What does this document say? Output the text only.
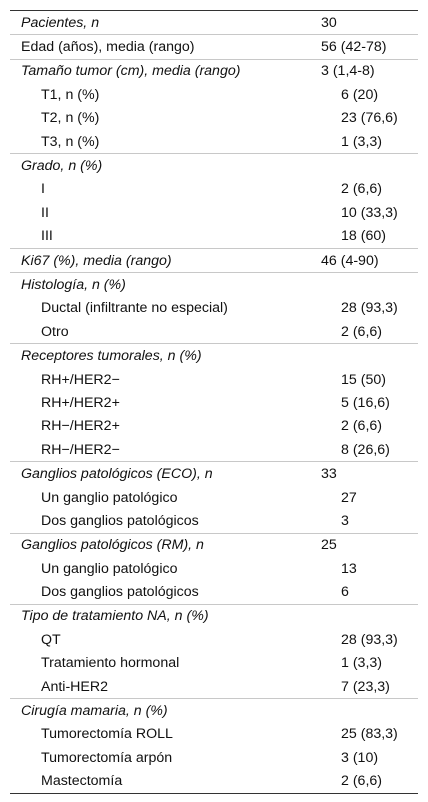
Pacientes, n	30
Edad (años), media (rango)	56 (42-78)
Tamaño tumor (cm), media (rango)	3 (1,4-8)
T1, n (%)	6 (20)
T2, n (%)	23 (76,6)
T3, n (%)	1 (3,3)
Grado, n (%)
I	2 (6,6)
II	10 (33,3)
III	18 (60)
Ki67 (%), media (rango)	46 (4-90)
Histología, n (%)
Ductal (infiltrante no especial)	28 (93,3)
Otro	2 (6,6)
Receptores tumorales, n (%)
RH+/HER2−	15 (50)
RH+/HER2+	5 (16,6)
RH−/HER2+	2 (6,6)
RH−/HER2−	8 (26,6)
Ganglios patológicos (ECO), n	33
Un ganglio patológico	27
Dos ganglios patológicos	3
Ganglios patológicos (RM), n	25
Un ganglio patológico	13
Dos ganglios patológicos	6
Tipo de tratamiento NA, n (%)
QT	28 (93,3)
Tratamiento hormonal	1 (3,3)
Anti-HER2	7 (23,3)
Cirugía mamaria, n (%)
Tumorectomía ROLL	25 (83,3)
Tumorectomía arpón	3 (10)
Mastectomía	2 (6,6)
